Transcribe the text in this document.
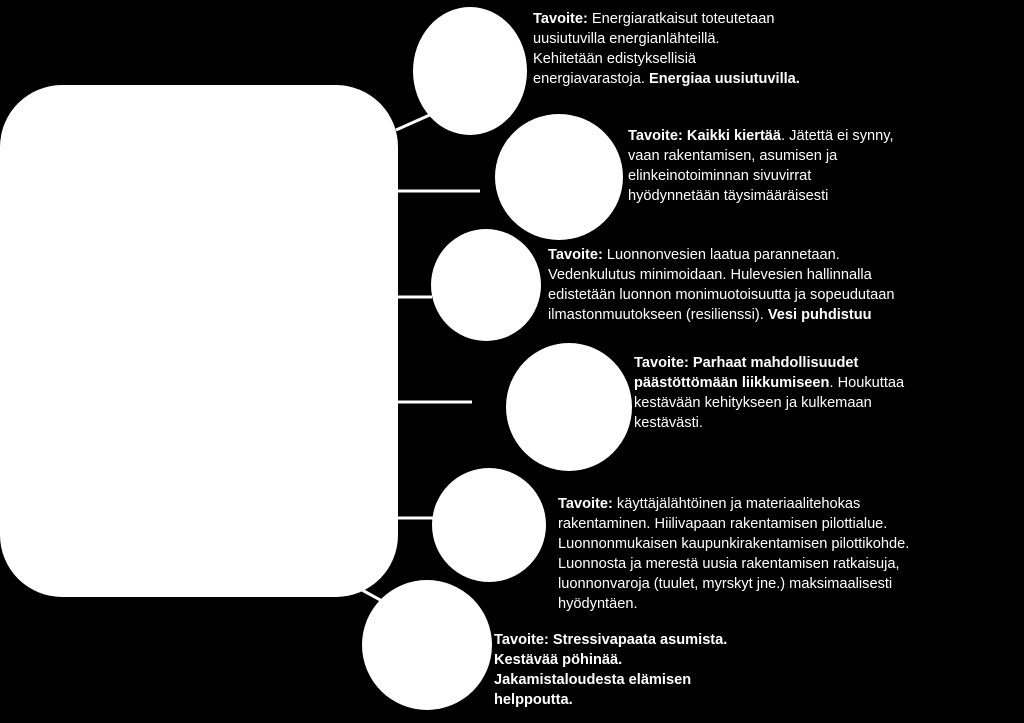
Tavoite: Energiaratkaisut toteutetaan
uusiutuvilla energianlähteillä.
Kehitetään edistyksellisiä
energiavarastoja. Energiaa uusiutuvilla.
Tavoite: Kaikki kiertää. Jätettä ei synny,
vaan rakentamisen, asumisen ja
elinkeinotoiminnan sivuvirrat
hyödynnetään täysimääräisesti
Tavoite: Luonnonvesien laatua parannetaan.
Vedenkulutus minimoidaan. Hulevesien hallinnalla
edistetään luonnon monimuotoisuutta ja sopeudutaan
ilmastonmuutokseen (resilienssi). Vesi puhdistuu
Tavoite: Parhaat mahdollisuudet
päästöttömään liikkumiseen. Houkuttaa
kestävään kehitykseen ja kulkemaan
kestävästi.
Tavoite: käyttäjälähtöinen ja materiaalitehokas
rakentaminen. Hiilivapaan rakentamisen pilottialue.
Luonnonmukaisen kaupunkirakentamisen pilottikohde.
Luonnosta ja merestä uusia rakentamisen ratkaisuja,
luonnonvaroja (tuulet, myrskyt jne.) maksimaalisesti
hyödyntäen.
Tavoite: Stressivapaata asumista.
Kestävää pöhinää.
Jakamistaloudesta elämisen
helppoutta.
